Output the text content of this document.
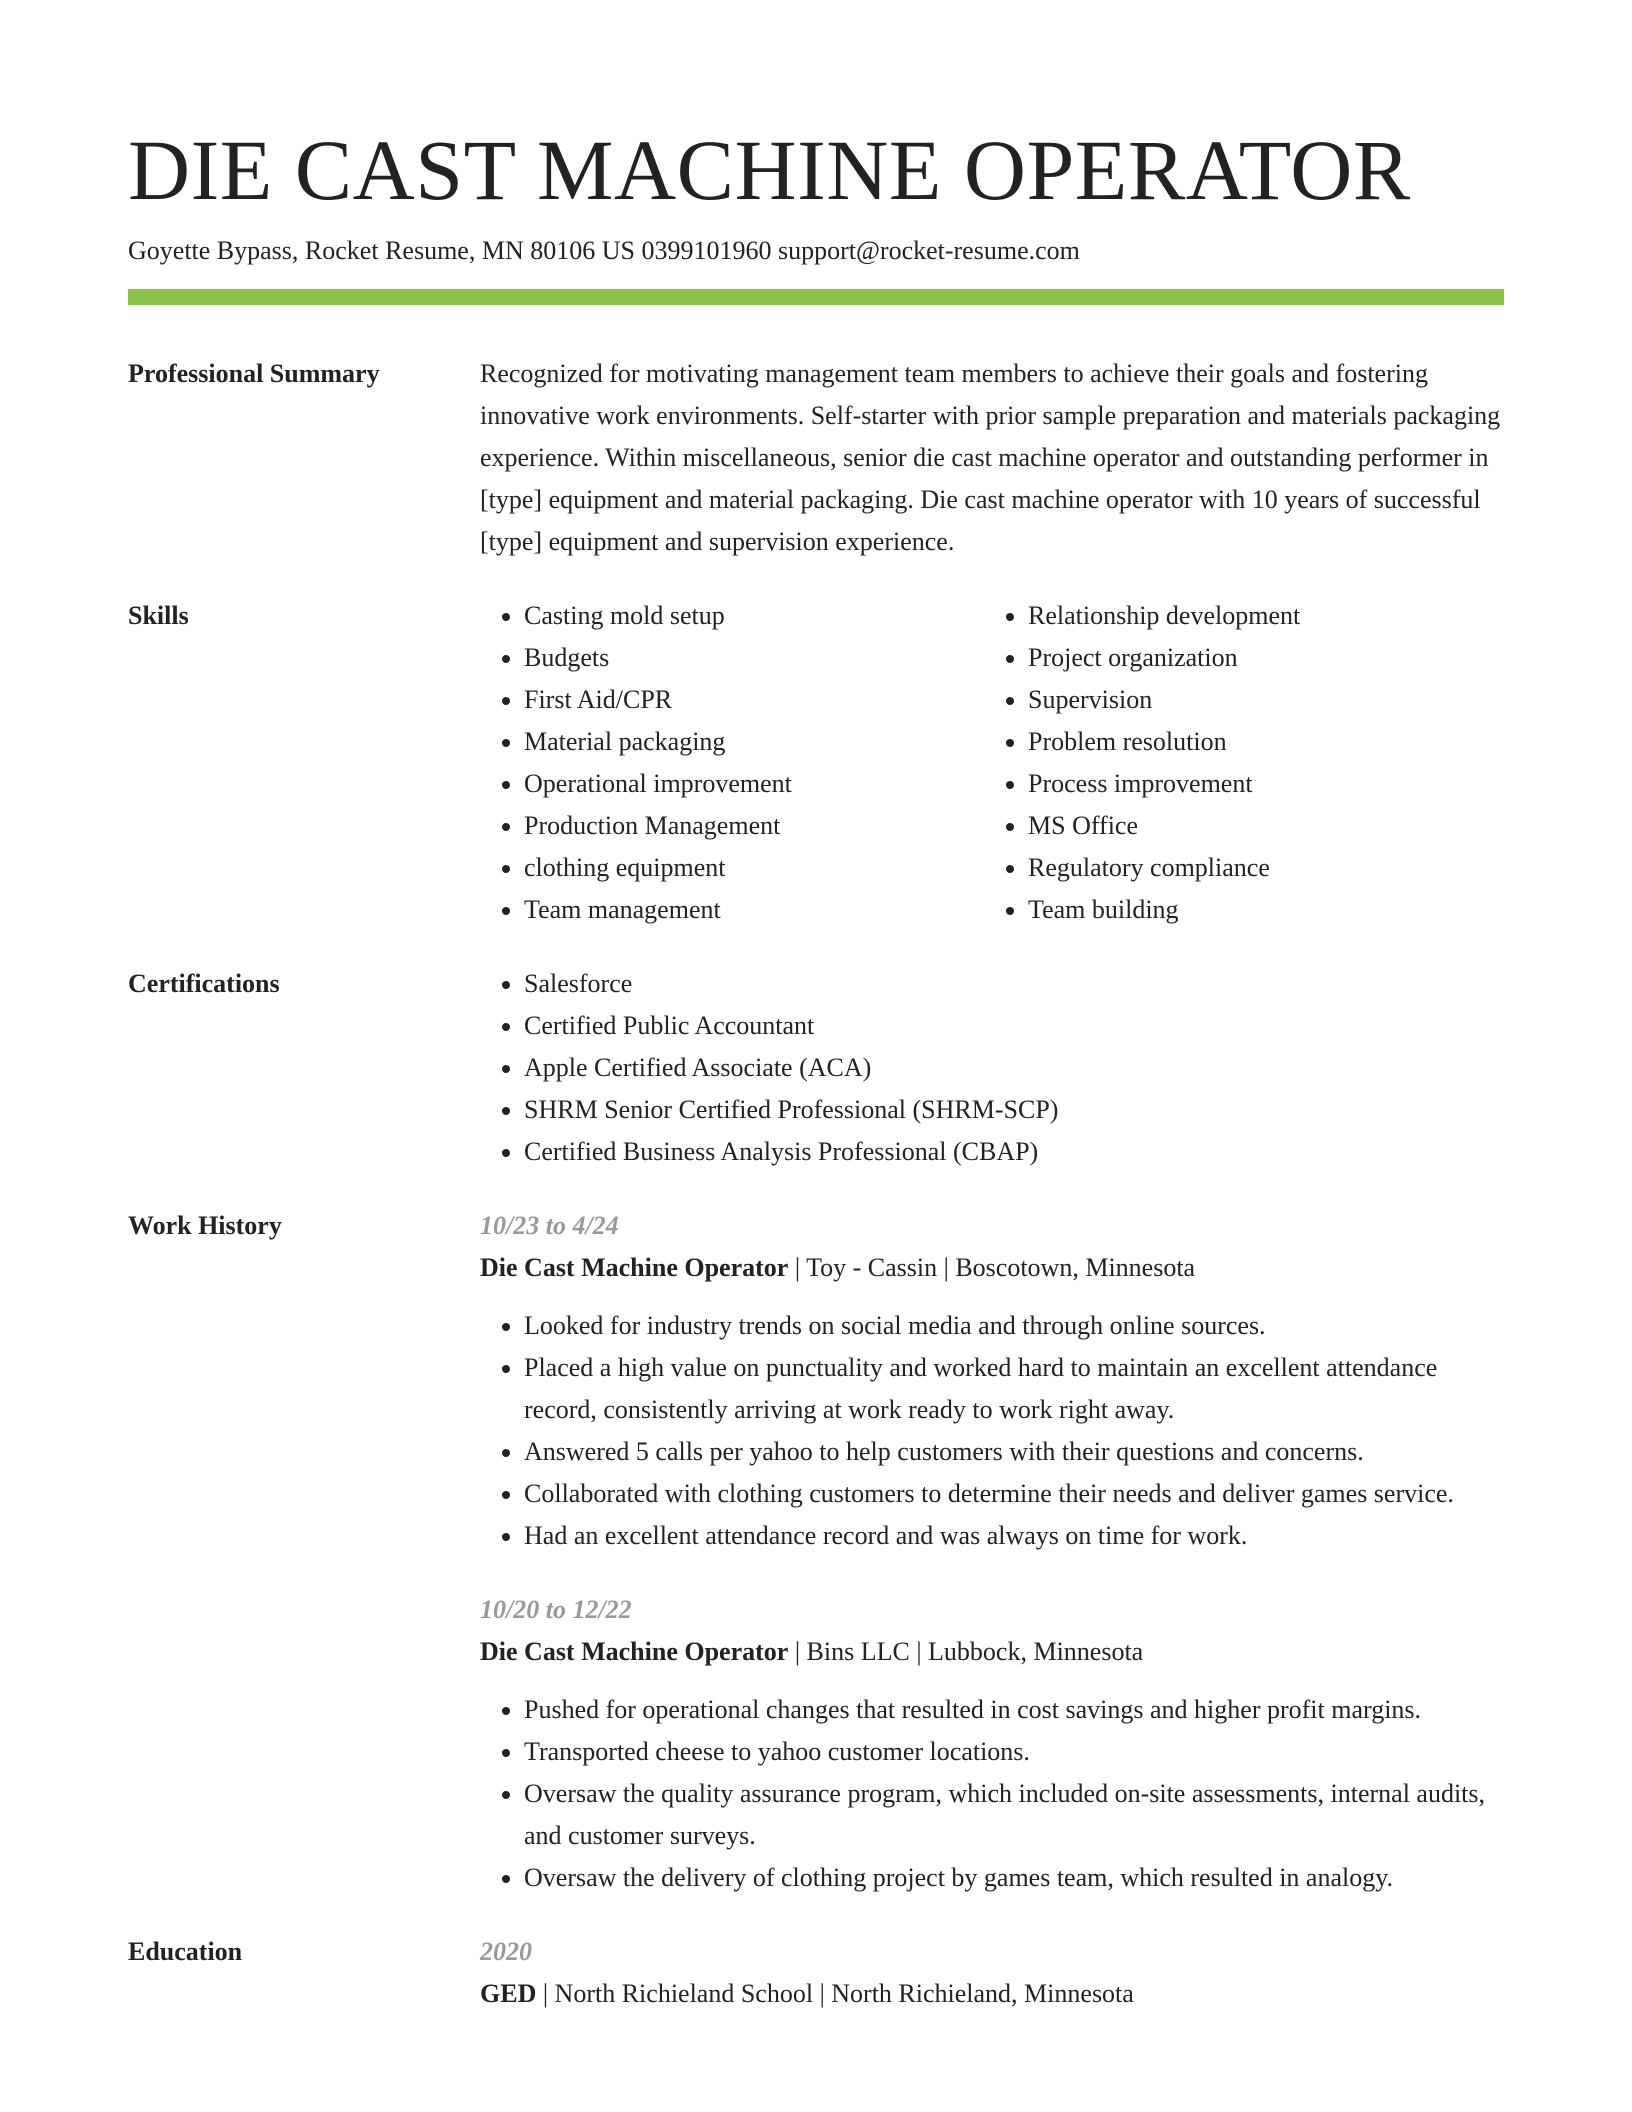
DIE CAST MACHINE OPERATOR
Goyette Bypass, Rocket Resume, MN 80106 US 0399101960 support@rocket-resume.com
Professional Summary	Recognized for motivating management team members to achieve their goals and fostering innovative work environments. Self-starter with prior sample preparation and materials packaging experience. Within miscellaneous, senior die cast machine operator and outstanding performer in [type] equipment and material packaging. Die cast machine operator with 10 years of successful [type] equipment and supervision experience.

Skills	• Casting mold setup
• Budgets
• First Aid/CPR
• Material packaging
• Operational improvement
• Production Management
• clothing equipment
• Team management
• Relationship development
• Project organization
• Supervision
• Problem resolution
• Process improvement
• MS Office
• Regulatory compliance
• Team building
Certifications	• Salesforce
• Certified Public Accountant
• Apple Certified Associate (ACA)
• SHRM Senior Certified Professional (SHRM-SCP)
• Certified Business Analysis Professional (CBAP)
Work History	10/23 to 4/24
Die Cast Machine Operator | Toy - Cassin | Boscotown, Minnesota
• Looked for industry trends on social media and through online sources.
• Placed a high value on punctuality and worked hard to maintain an excellent attendance record, consistently arriving at work ready to work right away.
• Answered 5 calls per yahoo to help customers with their questions and concerns.
• Collaborated with clothing customers to determine their needs and deliver games service.
• Had an excellent attendance record and was always on time for work.
10/20 to 12/22
Die Cast Machine Operator | Bins LLC | Lubbock, Minnesota
• Pushed for operational changes that resulted in cost savings and higher profit margins.
• Transported cheese to yahoo customer locations.
• Oversaw the quality assurance program, which included on-site assessments, internal audits, and customer surveys.
• Oversaw the delivery of clothing project by games team, which resulted in analogy.
Education	2020
GED | North Richieland School | North Richieland, Minnesota
